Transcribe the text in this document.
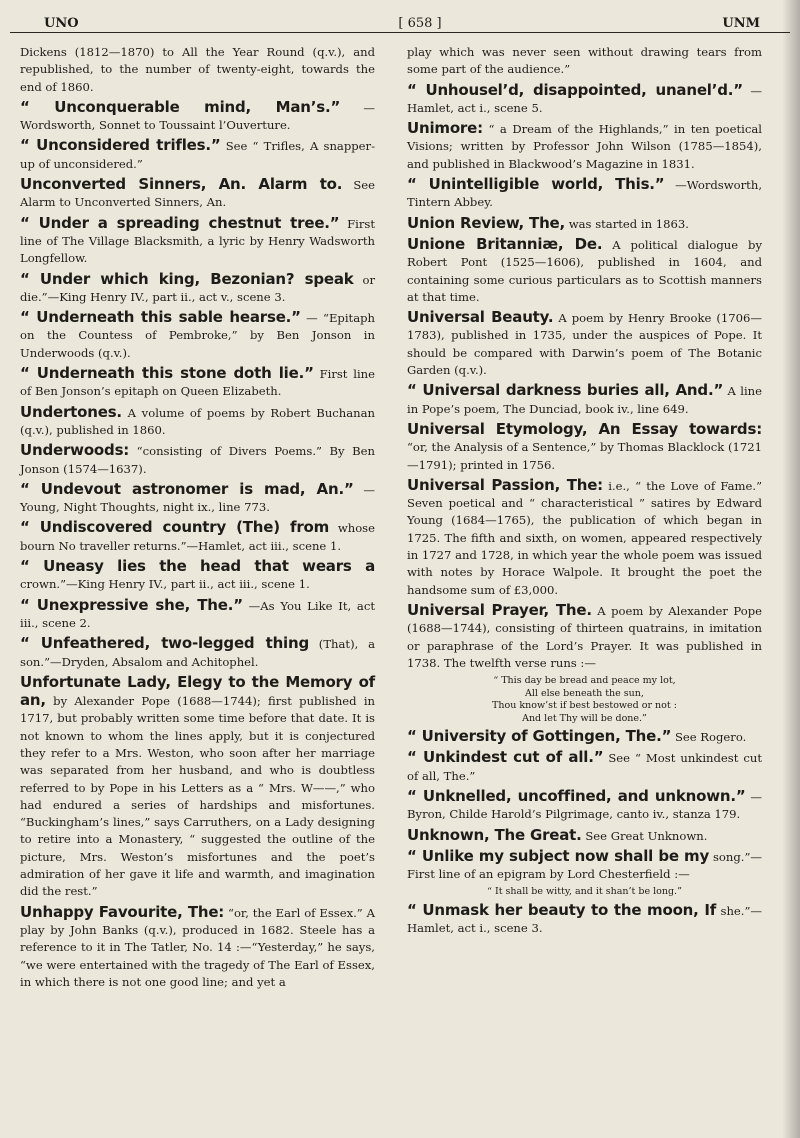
UNO	[ 658 ]	UNM

Dickens (1812—1870) to All the Year Round (q.v.), and republished, to the number of twenty-eight, towards the end of 1860.

“ Unconquerable mind, Man’s.” — Wordsworth, Sonnet to Toussaint l’Ouverture.

“ Unconsidered trifles.” See “ Trifles, A snapper-up of unconsidered.”

Unconverted Sinners, An. Alarm to. See Alarm to Unconverted Sinners, An.

“ Under a spreading chestnut tree.” First line of The Village Blacksmith, a lyric by Henry Wadsworth Longfellow.

“ Under which king, Bezonian? speak or die.”—King Henry IV., part ii., act v., scene 3.

“ Underneath this sable hearse.” — “Epitaph on the Countess of Pembroke,” by Ben Jonson in Underwoods (q.v.).

“ Underneath this stone doth lie.” First line of Ben Jonson’s epitaph on Queen Elizabeth.

Undertones. A volume of poems by Robert Buchanan (q.v.), published in 1860.

Underwoods: “consisting of Divers Poems.” By Ben Jonson (1574—1637).

“ Undevout astronomer is mad, An.” —Young, Night Thoughts, night ix., line 773.

“ Undiscovered country (The) from whose bourn No traveller returns.”—Hamlet, act iii., scene 1.

“ Uneasy lies the head that wears a crown.”—King Henry IV., part ii., act iii., scene 1.

“ Unexpressive she, The.” —As You Like It, act iii., scene 2.

“ Unfeathered, two-legged thing (That), a son.”—Dryden, Absalom and Achitophel.

Unfortunate Lady, Elegy to the Memory of an, by Alexander Pope (1688—1744); first published in 1717, but probably written some time before that date. It is not known to whom the lines apply, but it is conjectured they refer to a Mrs. Weston, who soon after her marriage was separated from her husband, and who is doubtless referred to by Pope in his Letters as a “ Mrs. W——,” who had endured a series of hardships and misfortunes. “Buckingham’s lines,” says Carruthers, on a Lady designing to retire into a Monastery, “ suggested the outline of the picture, Mrs. Weston’s misfortunes and the poet’s admiration of her gave it life and warmth, and imagination did the rest.”

Unhappy Favourite, The: “or, the Earl of Essex.” A play by John Banks (q.v.), produced in 1682. Steele has a reference to it in The Tatler, No. 14 :—“Yesterday,” he says, “we were entertained with the tragedy of The Earl of Essex, in which there is not one good line; and yet a

play which was never seen without drawing tears from some part of the audience.”

“ Unhousel’d, disappointed, unanel’d.” —Hamlet, act i., scene 5.

Unimore: “ a Dream of the Highlands,” in ten poetical Visions; written by Professor John Wilson (1785—1854), and published in Blackwood’s Magazine in 1831.

“ Unintelligible world, This.” —Wordsworth, Tintern Abbey.

Union Review, The, was started in 1863.

Unione Britanniæ, De. A political dialogue by Robert Pont (1525—1606), published in 1604, and containing some curious particulars as to Scottish manners at that time.

Universal Beauty. A poem by Henry Brooke (1706—1783), published in 1735, under the auspices of Pope. It should be compared with Darwin’s poem of The Botanic Garden (q.v.).

“ Universal darkness buries all, And.” A line in Pope’s poem, The Dunciad, book iv., line 649.

Universal Etymology, An Essay towards: “or, the Analysis of a Sentence,” by Thomas Blacklock (1721—1791); printed in 1756.

Universal Passion, The: i.e., “ the Love of Fame.” Seven poetical and “ characteristical ” satires by Edward Young (1684—1765), the publication of which began in 1725. The fifth and sixth, on women, appeared respectively in 1727 and 1728, in which year the whole poem was issued with notes by Horace Walpole. It brought the poet the handsome sum of £3,000.

Universal Prayer, The. A poem by Alexander Pope (1688—1744), consisting of thirteen quatrains, in imitation or paraphrase of the Lord’s Prayer. It was published in 1738. The twelfth verse runs :—

“ This day be bread and peace my lot,
All else beneath the sun,
Thou know’st if best bestowed or not :
And let Thy will be done.”

“ University of Gottingen, The.” See Rogero.

“ Unkindest cut of all.” See “ Most unkindest cut of all, The.”

“ Unknelled, uncoffined, and unknown.” — Byron, Childe Harold’s Pilgrimage, canto iv., stanza 179.

Unknown, The Great. See Great Unknown.

“ Unlike my subject now shall be my song.”—First line of an epigram by Lord Chesterfield :—

“ It shall be witty, and it shan’t be long.”

“ Unmask her beauty to the moon, If she.”—Hamlet, act i., scene 3.
